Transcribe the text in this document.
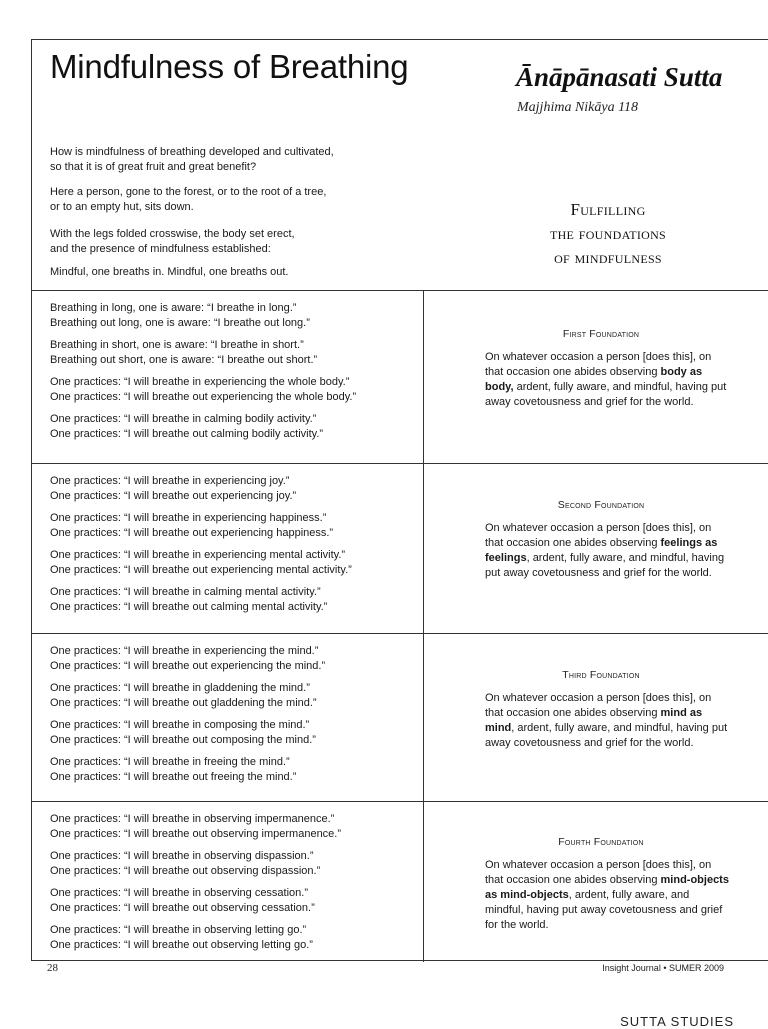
Mindfulness of Breathing	Ānāpānasati Sutta
Majjhima Nikāya 118

How is mindfulness of breathing developed and cultivated,
so that it is of great fruit and great benefit?

Here a person, gone to the forest, or to the root of a tree,
or to an empty hut, sits down.

With the legs folded crosswise, the body set erect,
and the presence of mindfulness established:

Mindful, one breaths in. Mindful, one breaths out.

Fulfilling
the foundations
of mindfulness
Breathing in long, one is aware: “I breathe in long.”
Breathing out long, one is aware: “I breathe out long.”
Breathing in short, one is aware: “I breathe in short.”
Breathing out short, one is aware: “I breathe out short.”
One practices: “I will breathe in experiencing the whole body.”
One practices: “I will breathe out experiencing the whole body.”
One practices: “I will breathe in calming bodily activity.”
One practices: “I will breathe out calming bodily activity.”
First Foundation
On whatever occasion a person [does this], on that occasion one abides observing body as body, ardent, fully aware, and mindful, having put away covetousness and grief for the world.
One practices: “I will breathe in experiencing joy.”
One practices: “I will breathe out experiencing joy.”
One practices: “I will breathe in experiencing happiness.”
One practices: “I will breathe out experiencing happiness.”
One practices: “I will breathe in experiencing mental activity.”
One practices: “I will breathe out experiencing mental activity.”
One practices: “I will breathe in calming mental activity.”
One practices: “I will breathe out calming mental activity.”
Second Foundation
On whatever occasion a person [does this], on that occasion one abides observing feelings as feelings, ardent, fully aware, and mindful, having put away covetousness and grief for the world.
One practices: “I will breathe in experiencing the mind.”
One practices: “I will breathe out experiencing the mind.”
One practices: “I will breathe in gladdening the mind.”
One practices: “I will breathe out gladdening the mind.”
One practices: “I will breathe in composing the mind.”
One practices: “I will breathe out composing the mind.”
One practices: “I will breathe in freeing the mind.”
One practices: “I will breathe out freeing the mind.”
Third Foundation
On whatever occasion a person [does this], on that occasion one abides observing mind as mind, ardent, fully aware, and mindful, having put away covetousness and grief for the world.
One practices: “I will breathe in observing impermanence.”
One practices: “I will breathe out observing impermanence.”
One practices: “I will breathe in observing dispassion.”
One practices: “I will breathe out observing dispassion.”
One practices: “I will breathe in observing cessation.”
One practices: “I will breathe out observing cessation.”
One practices: “I will breathe in observing letting go.”
One practices: “I will breathe out observing letting go.”
Fourth Foundation
On whatever occasion a person [does this], on that occasion one abides observing mind-objects as mind-objects, ardent, fully aware, and mindful, having put away covetousness and grief for the world.
28	Insight Journal • SUMER 2009
SUTTA STUDIES
